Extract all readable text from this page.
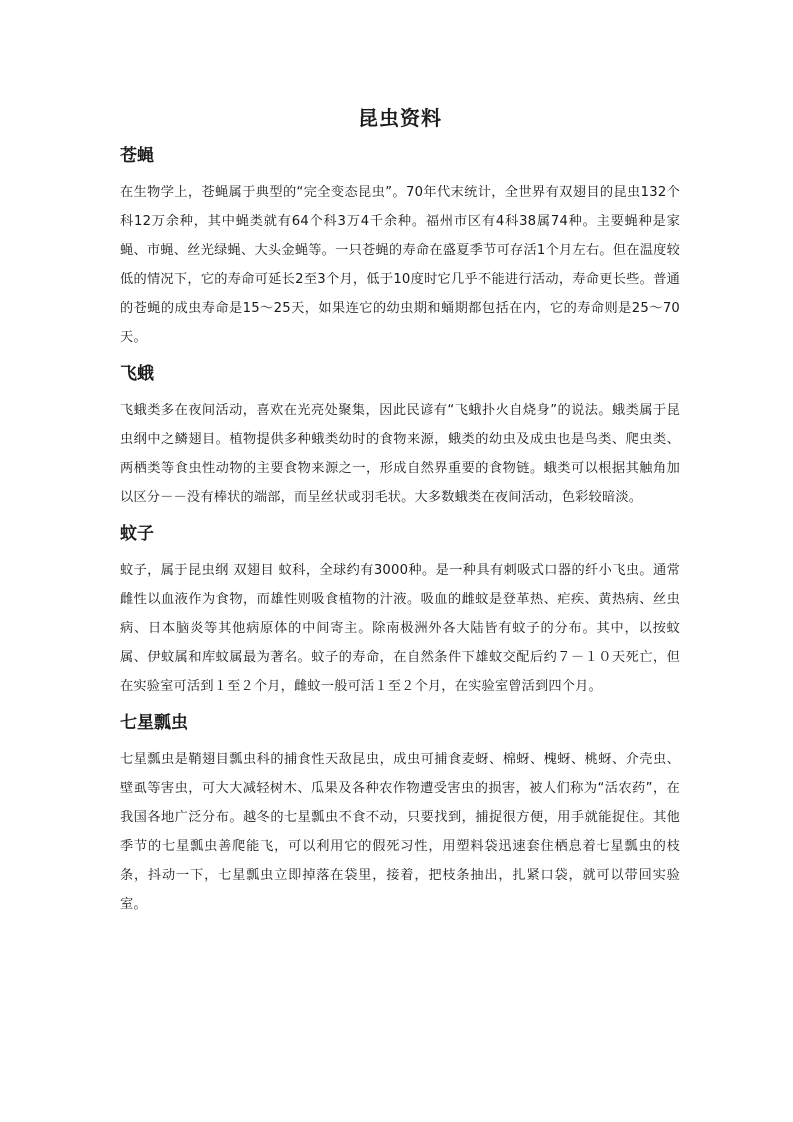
昆虫资料
苍蝇

在生物学上，苍蝇属于典型的“完全变态昆虫”。70年代末统计，全世界有双翅目的昆虫132个科12万余种，其中蝇类就有64个科3万4千余种。福州市区有4科38属74种。主要蝇种是家蝇、市蝇、丝光绿蝇、大头金蝇等。一只苍蝇的寿命在盛夏季节可存活1个月左右。但在温度较低的情况下，它的寿命可延长2至3个月，低于10度时它几乎不能进行活动，寿命更长些。普通的苍蝇的成虫寿命是15～25天，如果连它的幼虫期和蛹期都包括在内，它的寿命则是25～70天。

飞蛾

飞蛾类多在夜间活动，喜欢在光亮处聚集，因此民谚有“飞蛾扑火自烧身”的说法。蛾类属于昆虫纲中之鳞翅目。植物提供多种蛾类幼时的食物来源，蛾类的幼虫及成虫也是鸟类、爬虫类、两栖类等食虫性动物的主要食物来源之一，形成自然界重要的食物链。蛾类可以根据其触角加以区分－－没有棒状的端部，而呈丝状或羽毛状。大多数蛾类在夜间活动，色彩较暗淡。

蚊子

蚊子，属于昆虫纲 双翅目 蚊科，全球约有3000种。是一种具有刺吸式口器的纤小飞虫。通常雌性以血液作为食物，而雄性则吸食植物的汁液。吸血的雌蚊是登革热、疟疾、黄热病、丝虫病、日本脑炎等其他病原体的中间寄主。除南极洲外各大陆皆有蚊子的分布。其中，以按蚊属、伊蚊属和库蚊属最为著名。蚊子的寿命，在自然条件下雄蚊交配后约７－１０天死亡，但在实验室可活到１至２个月，雌蚊一般可活１至２个月，在实验室曾活到四个月。

七星瓢虫

七星瓢虫是鞘翅目瓢虫科的捕食性天敌昆虫，成虫可捕食麦蚜、棉蚜、槐蚜、桃蚜、介壳虫、壁虱等害虫，可大大减轻树木、瓜果及各种农作物遭受害虫的损害，被人们称为“活农药”，在我国各地广泛分布。越冬的七星瓢虫不食不动，只要找到，捕捉很方便，用手就能捉住。其他季节的七星瓢虫善爬能飞，可以利用它的假死习性，用塑料袋迅速套住栖息着七星瓢虫的枝条，抖动一下，七星瓢虫立即掉落在袋里，接着，把枝条抽出，扎紧口袋，就可以带回实验室。
